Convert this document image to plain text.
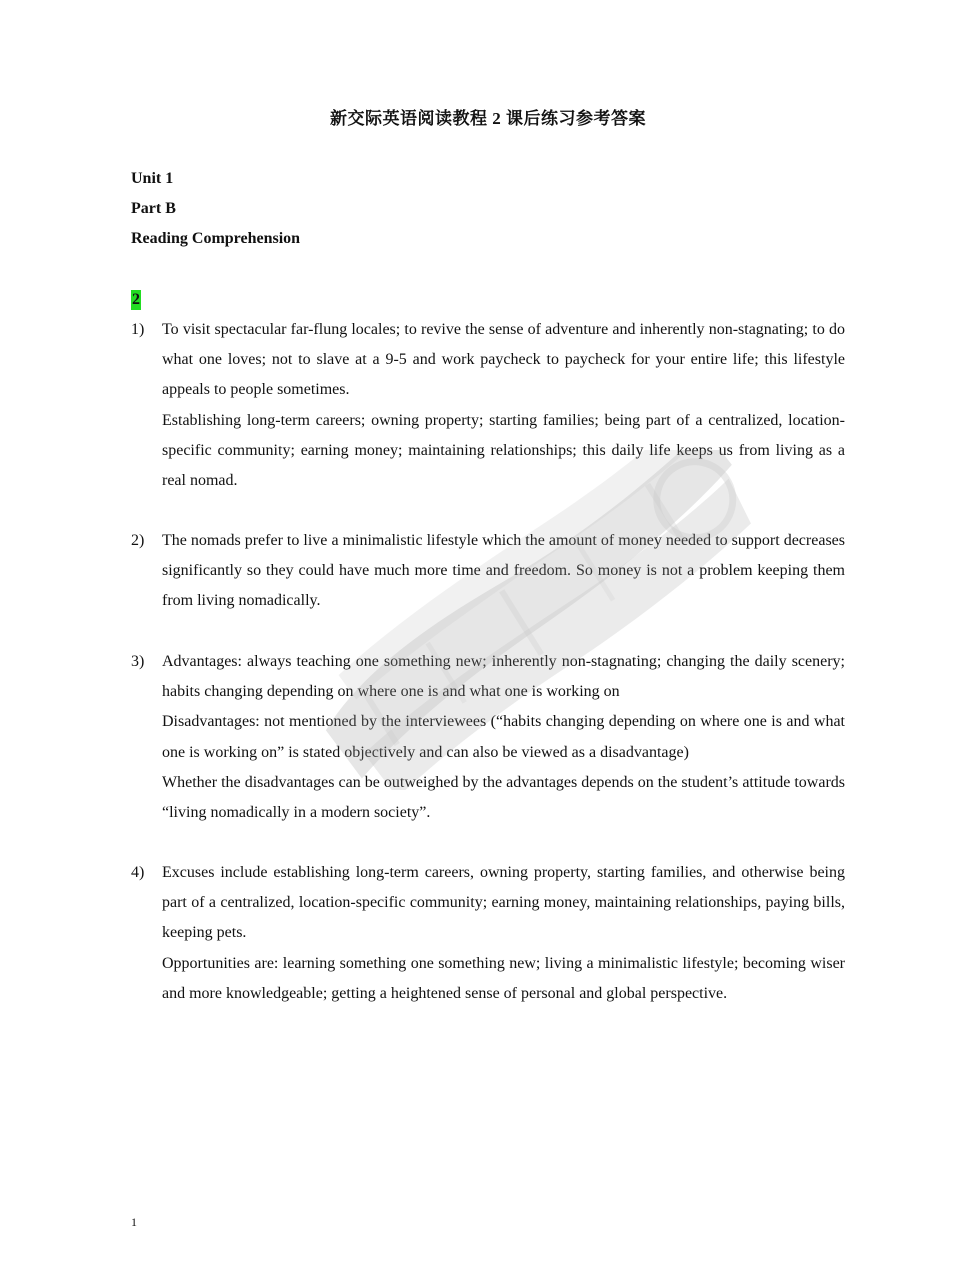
新交际英语阅读教程 2 课后练习参考答案
Unit 1
Part B
Reading Comprehension
2
1) To visit spectacular far-flung locales; to revive the sense of adventure and inherently non-stagnating; to do what one loves; not to slave at a 9-5 and work paycheck to paycheck for your entire life; this lifestyle appeals to people sometimes.

Establishing long-term careers; owning property; starting families; being part of a centralized, location-specific community; earning money; maintaining relationships; this daily life keeps us from living as a real nomad.

2) The nomads prefer to live a minimalistic lifestyle which the amount of money needed to support decreases significantly so they could have much more time and freedom. So money is not a problem keeping them from living nomadically.

3) Advantages: always teaching one something new; inherently non-stagnating; changing the daily scenery; habits changing depending on where one is and what one is working on

Disadvantages: not mentioned by the interviewees (“habits changing depending on where one is and what one is working on” is stated objectively and can also be viewed as a disadvantage)

Whether the disadvantages can be outweighed by the advantages depends on the student’s attitude towards “living nomadically in a modern society”.

4) Excuses include establishing long-term careers, owning property, starting families, and otherwise being part of a centralized, location-specific community; earning money, maintaining relationships, paying bills, keeping pets.

Opportunities are: learning something one something new; living a minimalistic lifestyle; becoming wiser and more knowledgeable; getting a heightened sense of personal and global perspective.

1
